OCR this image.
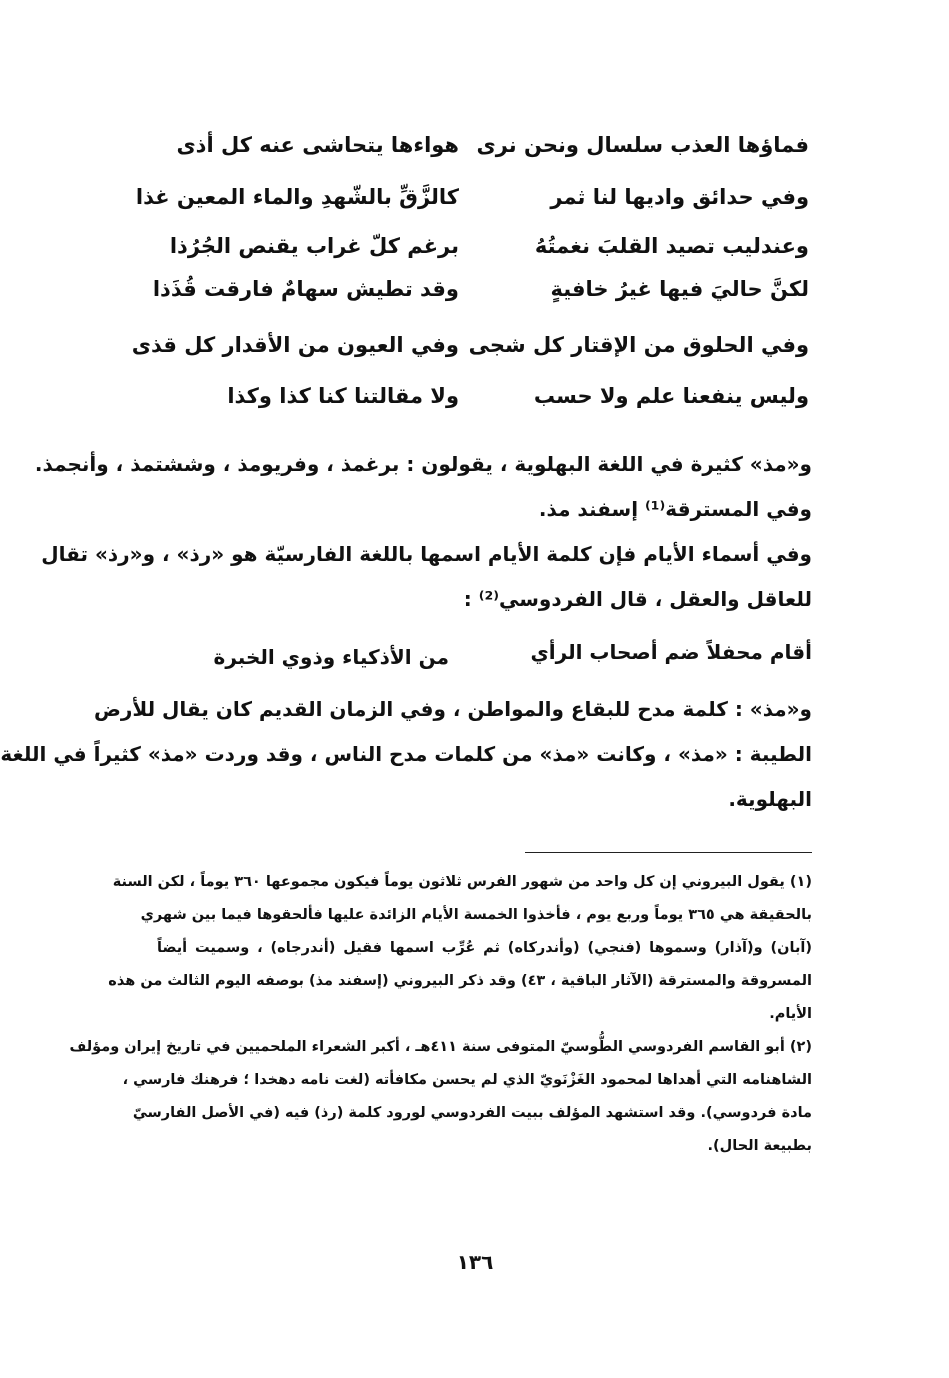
فماؤها العذب سلسال ونحن نرى
هواءها يتحاشى عنه كل أذى
وفي حدائق واديها لنا ثمر
كالزَّقِّ بالشّهدِ والماء المعين غذا
وعندليب تصيد القلبَ نغمتُهُ
برغم كلّ غراب يقنص الجُرُذا
لكنَّ حاليَ فيها غيرُ خافيةٍ
وقد تطيش سهامٌ فارقت قُذَذا
وفي الحلوق من الإقتار كل شجى
وفي العيون من الأقدار كل قذى
وليس ينفعنا علم ولا حسب
ولا مقالتنا كنا كذا وكذا
و«مذ» كثيرة في اللغة البهلوية ، يقولون : برغمذ ، وفريومذ ، وششتمذ ، وأنجمذ.
وفي المسترقة⁽¹⁾ إسفند مذ.
وفي أسماء الأيام فإن كلمة الأيام اسمها باللغة الفارسيّة هو «رذ» ، و«رذ» تقال
للعاقل والعقل ، قال الفردوسي⁽²⁾ :
أقام محفلاً ضم أصحاب الرأي
من الأذكياء وذوي الخبرة
و«مذ» : كلمة مدح للبقاع والمواطن ، وفي الزمان القديم كان يقال للأرض
الطيبة : «مذ» ، وكانت «مذ» من كلمات مدح الناس ، وقد وردت «مذ» كثيراً في اللغة
البهلوية.
(١) يقول البيروني إن كل واحد من شهور الفرس ثلاثون يوماً فيكون مجموعها ٣٦٠ يوماً ، لكن السنة
بالحقيقة هي ٣٦٥ يوماً وربع يوم ، فأخذوا الخمسة الأيام الزائدة عليها فألحقوها فيما بين شهري
(آبان) و(آذار) وسموها (فنجي) (وأندركاه) ثم عُرِّب اسمها فقيل (أندرجاه) ، وسميت أيضاً
المسروقة والمسترقة (الآثار الباقية ، ٤٣) وقد ذكر البيروني (إسفند مذ) بوصفه اليوم الثالث من هذه
الأيام.
(٢) أبو القاسم الفردوسي الطُّوسيّ المتوفى سنة ٤١١هـ ، أكبر الشعراء الملحميين في تاريخ إيران ومؤلف
الشاهنامه التي أهداها لمحمود الغَزْنَويّ الذي لم يحسن مكافأته (لغت نامه دهخدا ؛ فرهنك فارسي ،
مادة فردوسي). وقد استشهد المؤلف ببيت الفردوسي لورود كلمة (رذ) فيه (في الأصل الفارسيّ
بطبيعة الحال).
١٣٦
